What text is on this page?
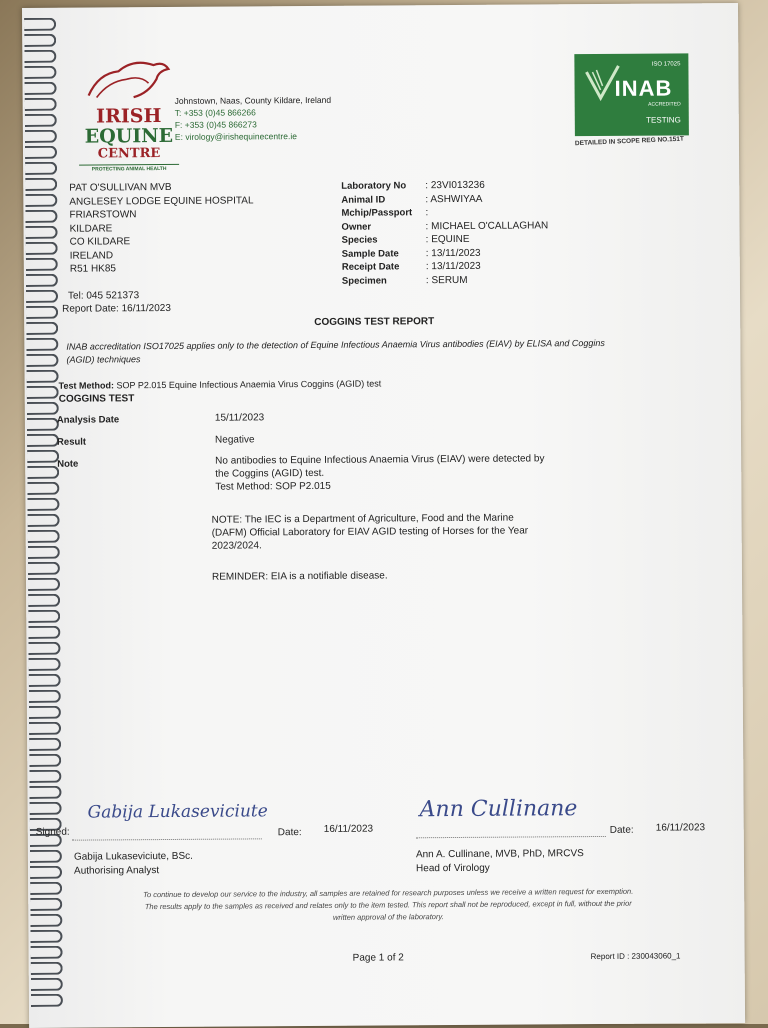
IRISH
EQUINE
CENTRE
PROTECTING ANIMAL HEALTH
Johnstown, Naas, County Kildare, Ireland
T: +353 (0)45 866266
F: +353 (0)45 866273
E: virology@irishequinecentre.ie
ISO 17025
INAB
ACCREDITED
TESTING
DETAILED IN SCOPE REG NO.151T
PAT O'SULLIVAN MVB
ANGLESEY LODGE EQUINE HOSPITAL
FRIARSTOWN
KILDARE
CO KILDARE
IRELAND
R51 HK85
Tel: 045 521373
Report Date: 16/11/2023
Laboratory No	: 23VI013236
Animal ID	: ASHWIYAA
Mchip/Passport	:
Owner	: MICHAEL O'CALLAGHAN
Species	: EQUINE
Sample Date	: 13/11/2023
Receipt Date	: 13/11/2023
Specimen	: SERUM
COGGINS TEST REPORT
INAB accreditation ISO17025 applies only to the detection of Equine Infectious Anaemia Virus antibodies (EIAV) by ELISA and Coggins (AGID) techniques
Test Method: SOP P2.015 Equine Infectious Anaemia Virus Coggins (AGID) test
COGGINS TEST
Analysis Date	15/11/2023
Result	Negative
Note	No antibodies to Equine Infectious Anaemia Virus (EIAV) were detected by
the Coggins (AGID) test.
Test Method: SOP P2.015
NOTE: The IEC is a Department of Agriculture, Food and the Marine
(DAFM) Official Laboratory for EIAV AGID testing of Horses for the Year
2023/2024.
REMINDER: EIA is a notifiable disease.
Signed:
Gabija Lukaseviciute
Date: 16/11/2023
Gabija Lukaseviciute, BSc.
Authorising Analyst
Ann Cullinane
Date: 16/11/2023
Ann A. Cullinane, MVB, PhD, MRCVS
Head of Virology
To continue to develop our service to the industry, all samples are retained for research purposes unless we receive a written request for exemption.
The results apply to the samples as received and relates only to the item tested. This report shall not be reproduced, except in full, without the prior
written approval of the laboratory.
Page 1 of 2	Report ID : 230043060_1
